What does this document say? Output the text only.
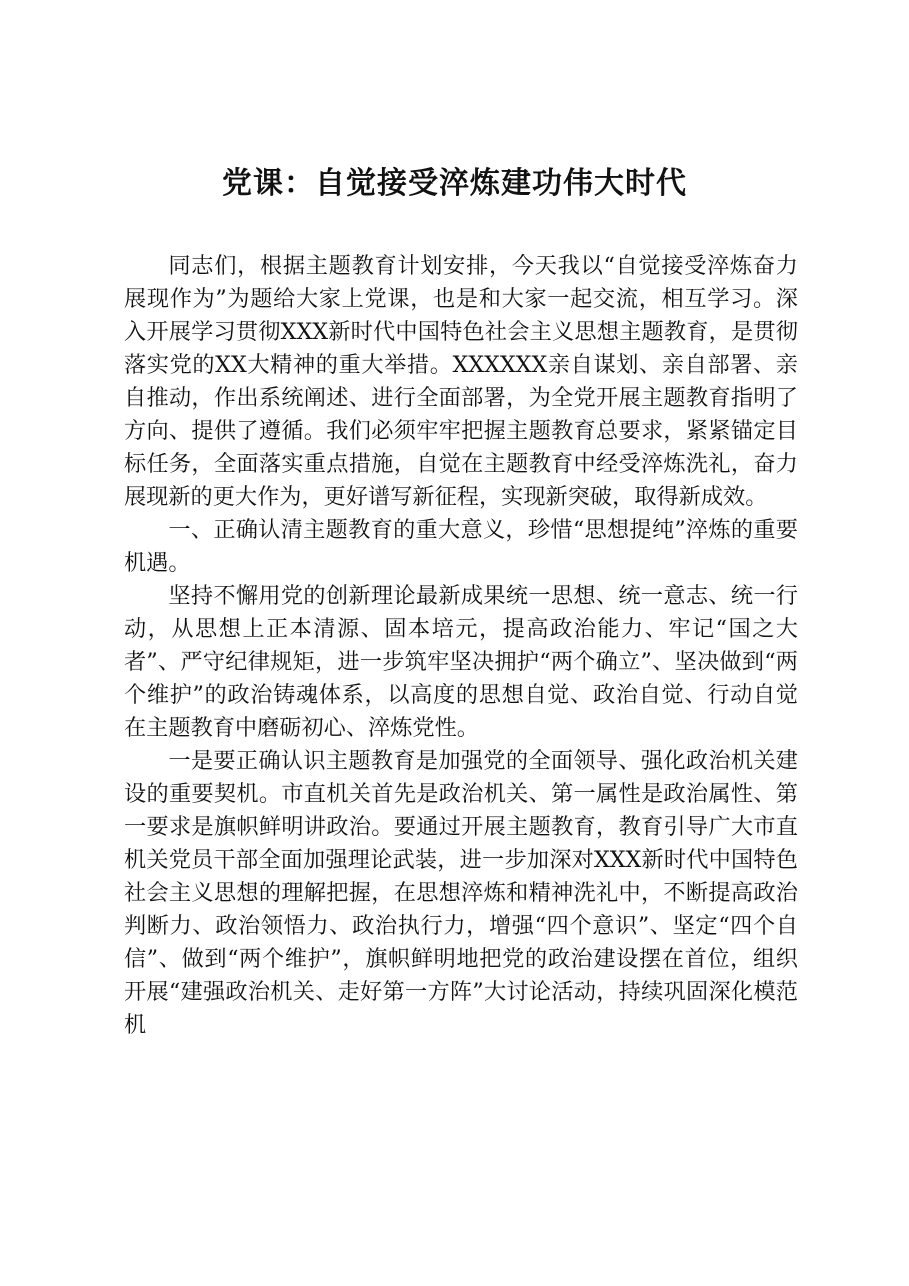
党课：自觉接受淬炼建功伟大时代

同志们，根据主题教育计划安排，今天我以“自觉接受淬炼奋力展现作为”为题给大家上党课，也是和大家一起交流，相互学习。深入开展学习贯彻XXX新时代中国特色社会主义思想主题教育，是贯彻落实党的XX大精神的重大举措。XXXXXX亲自谋划、亲自部署、亲自推动，作出系统阐述、进行全面部署，为全党开展主题教育指明了方向、提供了遵循。我们必须牢牢把握主题教育总要求，紧紧锚定目标任务，全面落实重点措施，自觉在主题教育中经受淬炼洗礼，奋力展现新的更大作为，更好谱写新征程，实现新突破，取得新成效。

一、正确认清主题教育的重大意义，珍惜“思想提纯”淬炼的重要机遇。

坚持不懈用党的创新理论最新成果统一思想、统一意志、统一行动，从思想上正本清源、固本培元，提高政治能力、牢记“国之大者”、严守纪律规矩，进一步筑牢坚决拥护“两个确立”、坚决做到“两个维护”的政治铸魂体系，以高度的思想自觉、政治自觉、行动自觉在主题教育中磨砺初心、淬炼党性。

一是要正确认识主题教育是加强党的全面领导、强化政治机关建设的重要契机。市直机关首先是政治机关、第一属性是政治属性、第一要求是旗帜鲜明讲政治。要通过开展主题教育，教育引导广大市直机关党员干部全面加强理论武装，进一步加深对XXX新时代中国特色社会主义思想的理解把握，在思想淬炼和精神洗礼中，不断提高政治判断力、政治领悟力、政治执行力，增强“四个意识”、坚定“四个自信”、做到“两个维护”，旗帜鲜明地把党的政治建设摆在首位，组织开展“建强政治机关、走好第一方阵”大讨论活动，持续巩固深化模范机
